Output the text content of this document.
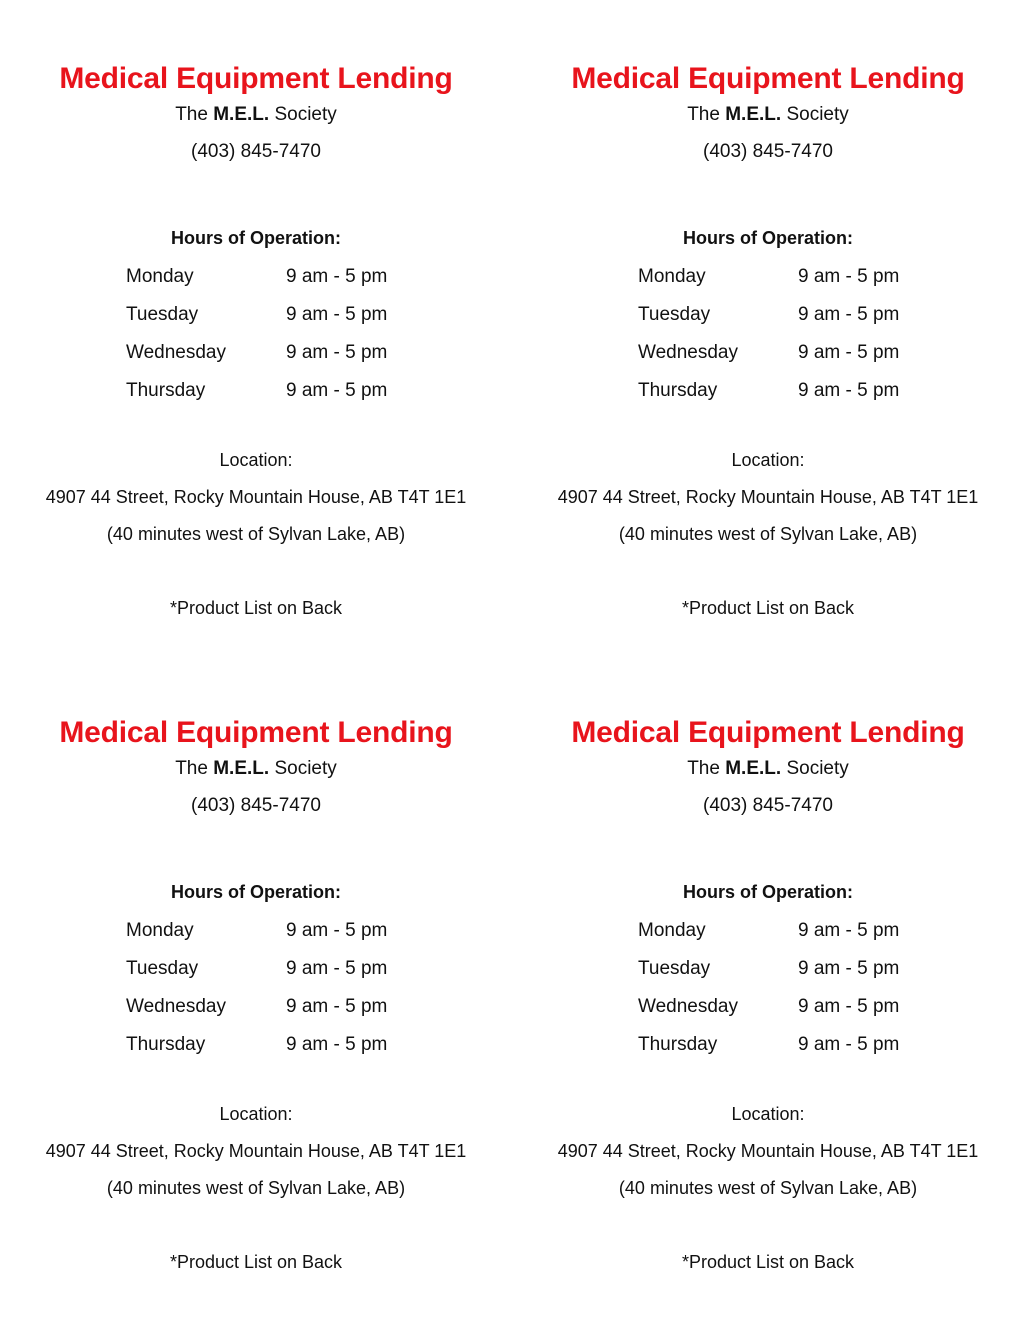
Medical Equipment Lending
The M.E.L. Society
(403) 845-7470
Hours of Operation:
Monday	9 am - 5 pm
Tuesday	9 am - 5 pm
Wednesday	9 am - 5 pm
Thursday	9 am - 5 pm
Location:
4907 44 Street, Rocky Mountain House, AB T4T 1E1
(40 minutes west of Sylvan Lake, AB)
*Product List on Back
Medical Equipment Lending
The M.E.L. Society
(403) 845-7470
Hours of Operation:
Monday	9 am - 5 pm
Tuesday	9 am - 5 pm
Wednesday	9 am - 5 pm
Thursday	9 am - 5 pm
Location:
4907 44 Street, Rocky Mountain House, AB T4T 1E1
(40 minutes west of Sylvan Lake, AB)
*Product List on Back
Medical Equipment Lending
The M.E.L. Society
(403) 845-7470
Hours of Operation:
Monday	9 am - 5 pm
Tuesday	9 am - 5 pm
Wednesday	9 am - 5 pm
Thursday	9 am - 5 pm
Location:
4907 44 Street, Rocky Mountain House, AB T4T 1E1
(40 minutes west of Sylvan Lake, AB)
*Product List on Back
Medical Equipment Lending
The M.E.L. Society
(403) 845-7470
Hours of Operation:
Monday	9 am - 5 pm
Tuesday	9 am - 5 pm
Wednesday	9 am - 5 pm
Thursday	9 am - 5 pm
Location:
4907 44 Street, Rocky Mountain House, AB T4T 1E1
(40 minutes west of Sylvan Lake, AB)
*Product List on Back
